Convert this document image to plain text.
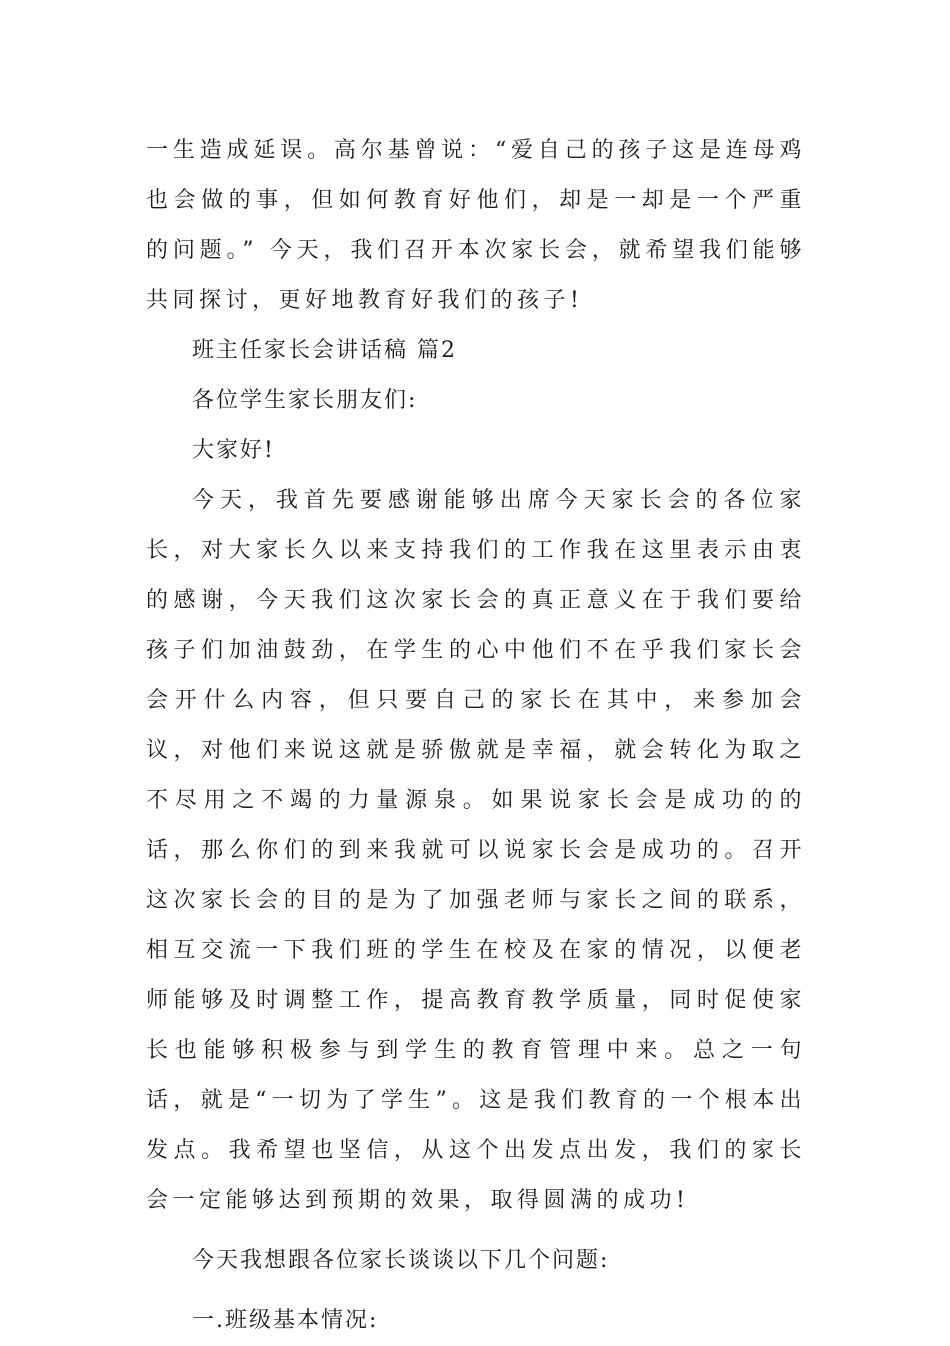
一生造成延误。高尔基曾说：“爱自己的孩子这是连母鸡也会做的事，但如何教育好他们，却是一却是一个严重的问题。” 今天，我们召开本次家长会，就希望我们能够共同探讨，更好地教育好我们的孩子!

班主任家长会讲话稿 篇2

各位学生家长朋友们:

大家好!

今天，我首先要感谢能够出席今天家长会的各位家长，对大家长久以来支持我们的工作我在这里表示由衷的感谢，今天我们这次家长会的真正意义在于我们要给孩子们加油鼓劲，在学生的心中他们不在乎我们家长会会开什么内容，但只要自己的家长在其中，来参加会议，对他们来说这就是骄傲就是幸福，就会转化为取之不尽用之不竭的力量源泉。如果说家长会是成功的的话，那么你们的到来我就可以说家长会是成功的。召开这次家长会的目的是为了加强老师与家长之间的联系，相互交流一下我们班的学生在校及在家的情况，以便老师能够及时调整工作，提高教育教学质量，同时促使家长也能够积极参与到学生的教育管理中来。总之一句话，就是“一切为了学生”。这是我们教育的一个根本出发点。我希望也坚信，从这个出发点出发，我们的家长会一定能够达到预期的效果，取得圆满的成功!

今天我想跟各位家长谈谈以下几个问题:

一.班级基本情况:
